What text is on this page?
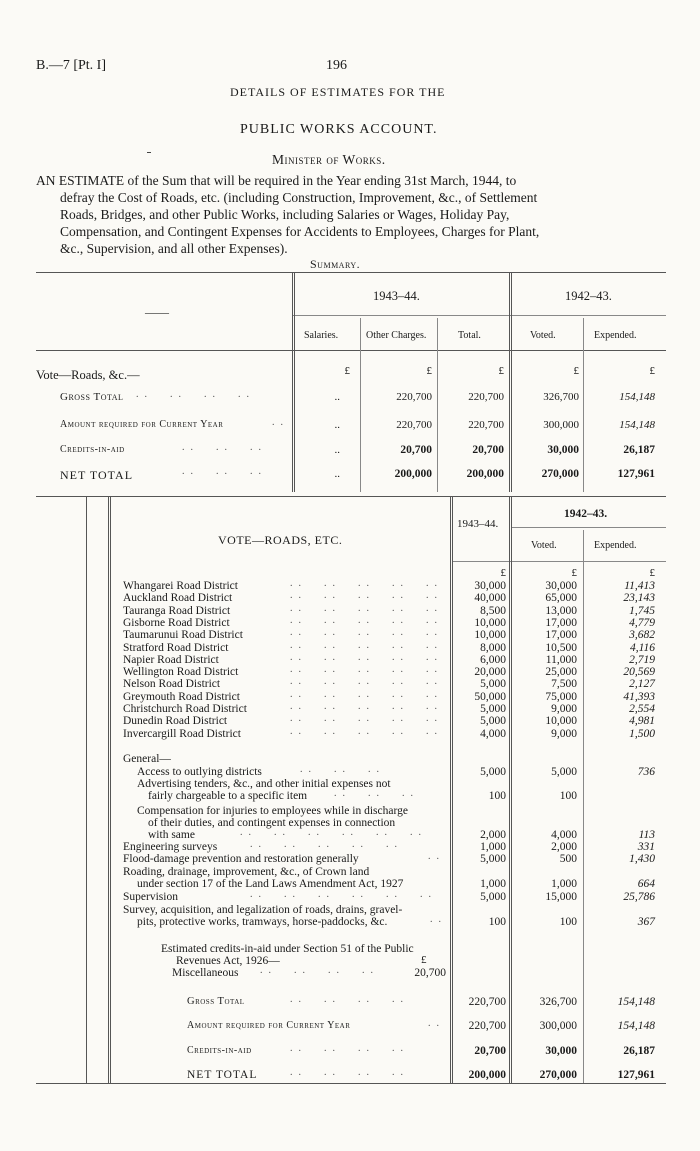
B.—7 [Pt. I]	196
DETAILS OF ESTIMATES FOR THE
PUBLIC WORKS ACCOUNT.
Minister of Works.
AN ESTIMATE of the Sum that will be required in the Year ending 31st March, 1944, to
defray the Cost of Roads, etc. (including Construction, Improvement, &c., of Settlement
Roads, Bridges, and other Public Works, including Salaries or Wages, Holiday Pay,
Compensation, and Contingent Expenses for Accidents to Employees, Charges for Plant,
&c., Supervision, and all other Expenses).
Summary.
1943–44.	1942–43.
——
Salaries.	Other Charges.	Total.	Voted.	Expended.
Vote—Roads, &c.—	£	£	£	£	£
Gross Total ..  ..  ..  ..	..	220,700	220,700	326,700	154,148
Amount required for Current Year	..	..	220,700	220,700	300,000	154,148
Credits-in-aid	..  ..  ..	..	20,700	20,700	30,000	26,187
NET TOTAL	..  ..  ..	..	200,000	200,000	270,000	127,961
VOTE—ROADS, ETC.
1943–44.
1942–43.
Voted.	Expended.
£	£	£
Whangarei Road District	..  ..  ..  ..  ..	30,000	30,000	11,413
Auckland Road District	..  ..  ..  ..  ..	40,000	65,000	23,143
Tauranga Road District	..  ..  ..  ..  ..	8,500	13,000	1,745
Gisborne Road District	..  ..  ..  ..  ..	10,000	17,000	4,779
Taumarunui Road District	..  ..  ..  ..  ..	10,000	17,000	3,682
Stratford Road District	..  ..  ..  ..  ..	8,000	10,500	4,116
Napier Road District	..  ..  ..  ..  ..	6,000	11,000	2,719
Wellington Road District	..  ..  ..  ..  ..	20,000	25,000	20,569
Nelson Road District	..  ..  ..  ..  ..	5,000	7,500	2,127
Greymouth Road District	..  ..  ..  ..  ..	50,000	75,000	41,393
Christchurch Road District	..  ..  ..  ..  ..	5,000	9,000	2,554
Dunedin Road District	..  ..  ..  ..  ..	5,000	10,000	4,981
Invercargill Road District	..  ..  ..  ..  ..	4,000	9,000	1,500
General—
Access to outlying districts	..  ..  ..	5,000	5,000	736
Advertising tenders, &c., and other initial expenses not
fairly chargeable to a specific item	..  ..  ..	100	100
Compensation for injuries to employees while in discharge
of their duties, and contingent expenses in connection
with same	..  ..  ..  ..  ..  ..	2,000	4,000	113
Engineering surveys	..  ..  ..  ..  ..	1,000	2,000	331
Flood-damage prevention and restoration generally	..	5,000	500	1,430
Roading, drainage, improvement, &c., of Crown land
under section 17 of the Land Laws Amendment Act, 1927	1,000	1,000	664
Supervision	..  ..  ..  ..  ..  ..	5,000	15,000	25,786
Survey, acquisition, and legalization of roads, drains, gravel-
pits, protective works, tramways, horse-paddocks, &c.	..	100	100	367
Estimated credits-in-aid under Section 51 of the Public
Revenues Act, 1926—	£
Miscellaneous ..  ..  ..  ..	20,700
Gross Total	..  ..  ..  ..	220,700	326,700	154,148
Amount required for Current Year	..	220,700	300,000	154,148
Credits-in-aid	..  ..  ..  ..	20,700	30,000	26,187
NET TOTAL	..  ..  ..  ..	200,000	270,000	127,961
